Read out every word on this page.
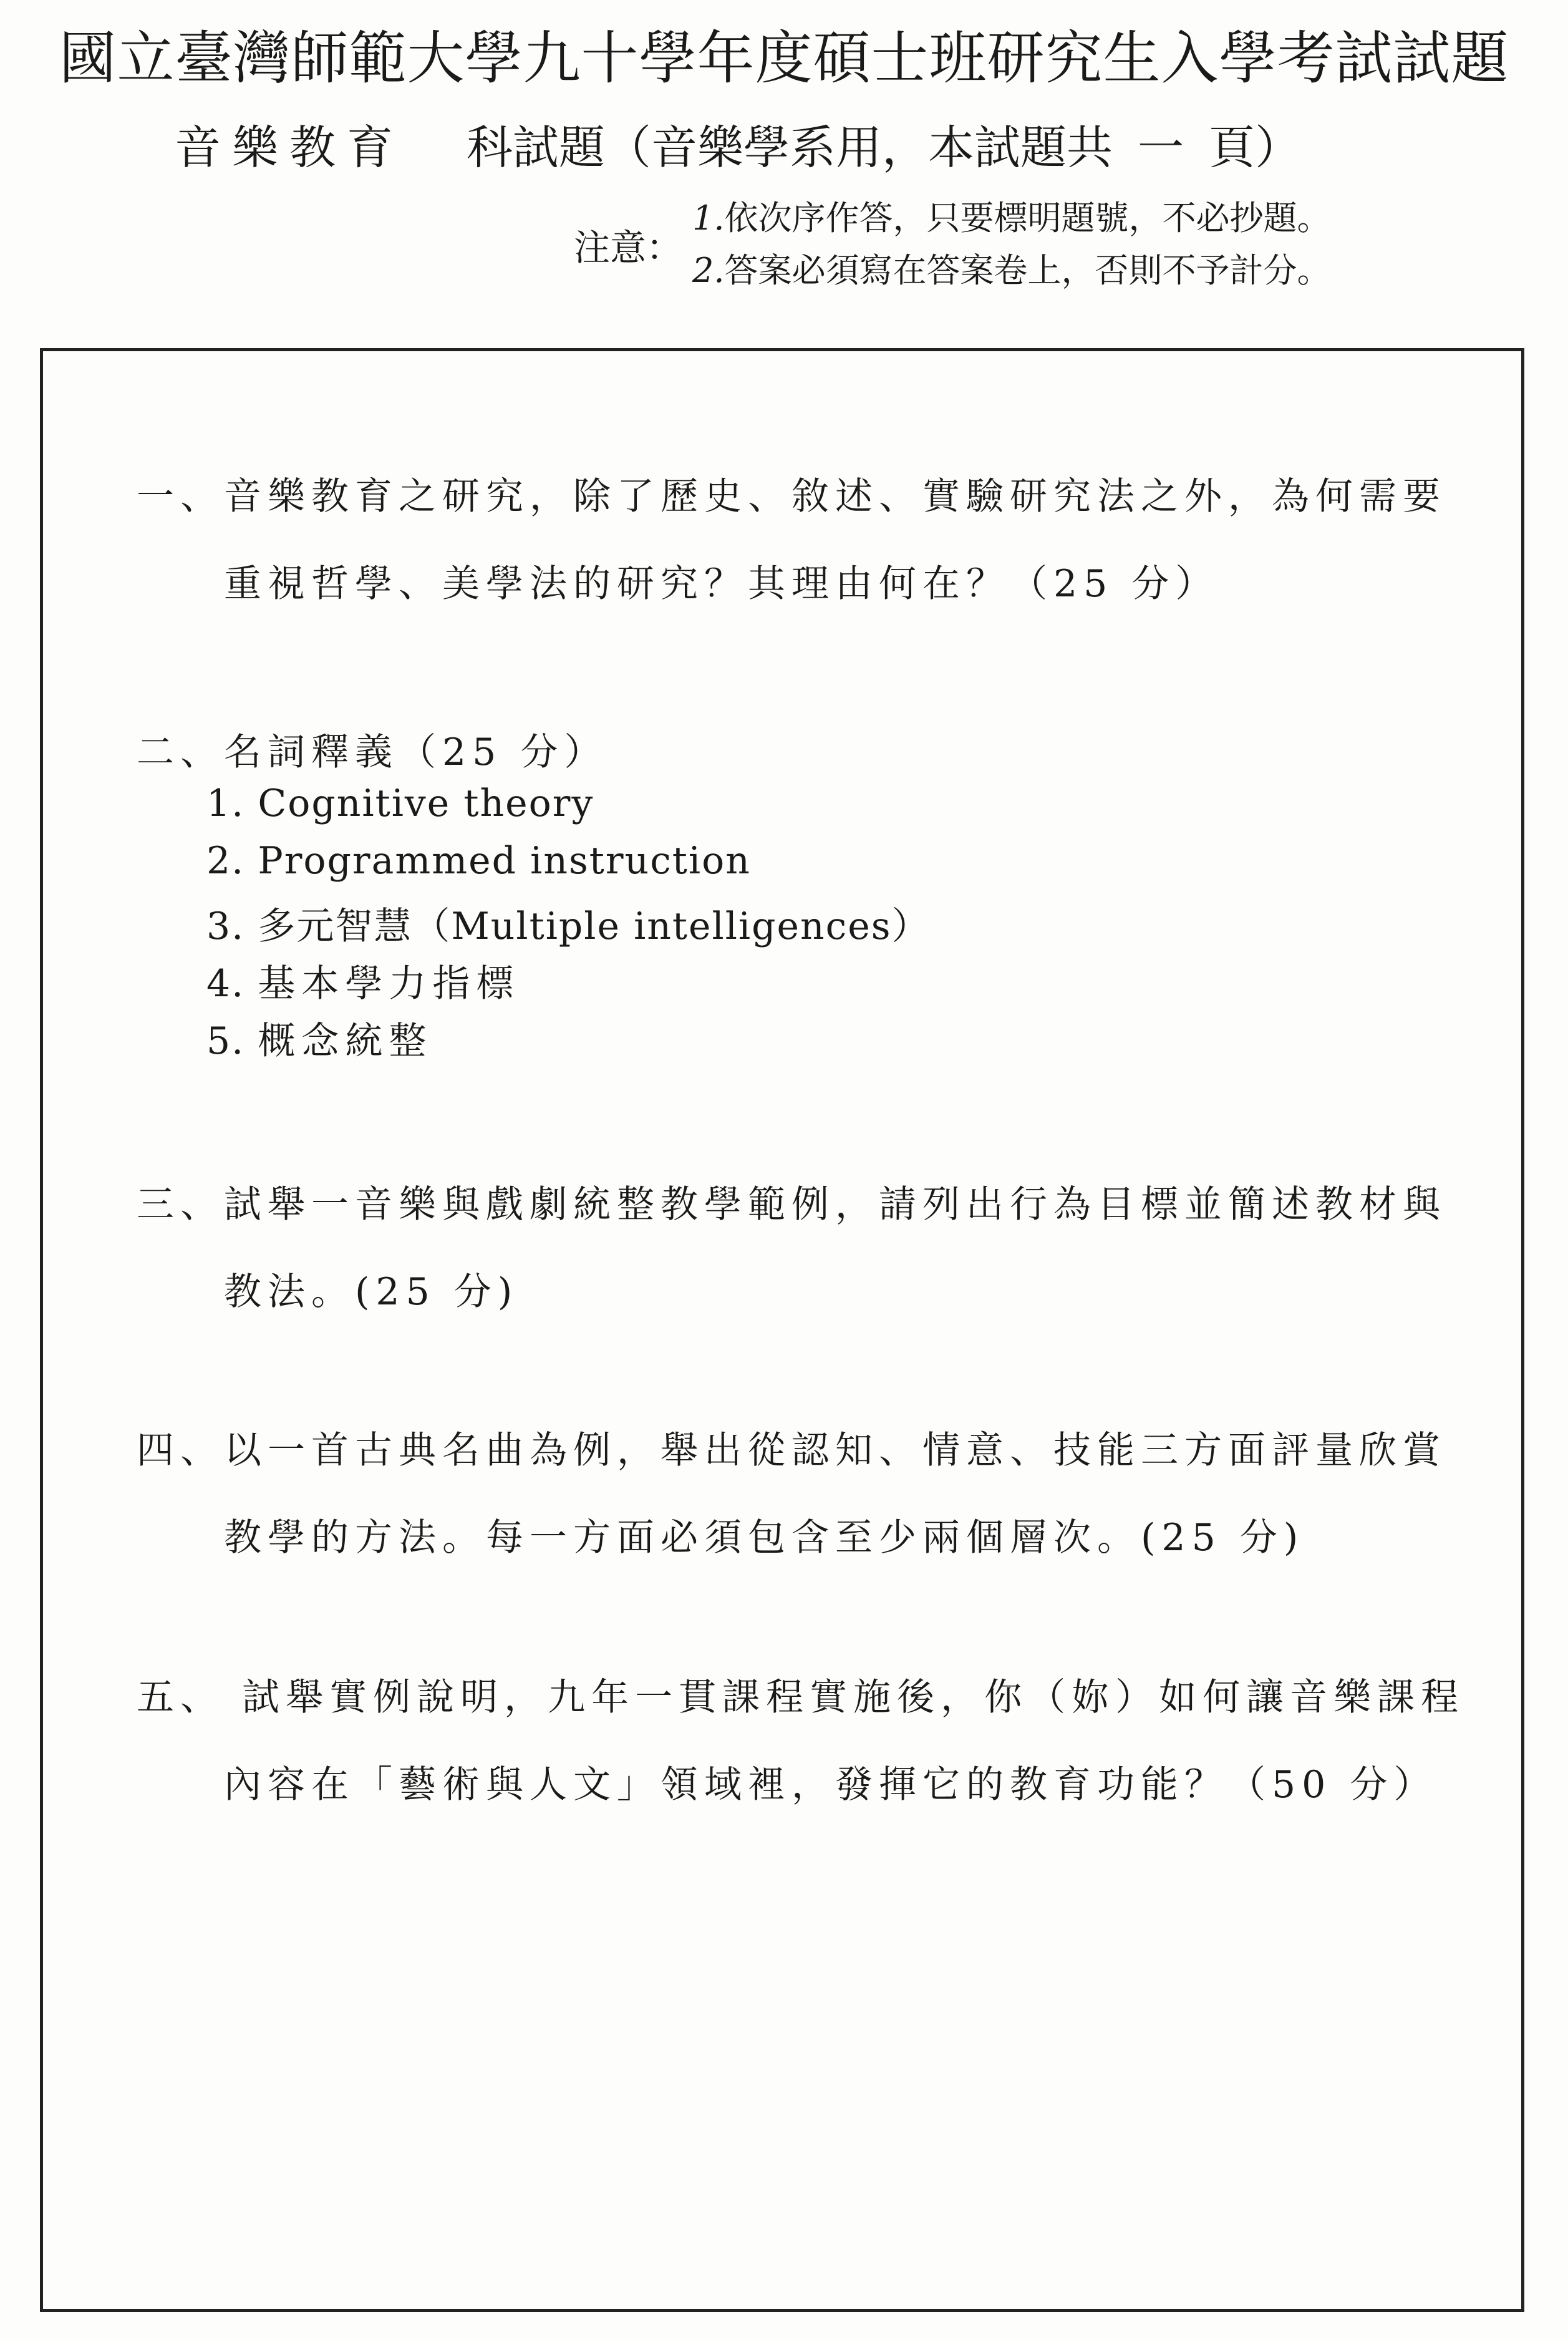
國立臺灣師範大學九十學年度碩士班研究生入學考試試題
音樂教育 科試題（音樂學系用，本試題共 一 頁）
注意：
1.依次序作答，只要標明題號，不必抄題。
2.答案必須寫在答案卷上，否則不予計分。
一、音樂教育之研究，除了歷史、敘述、實驗研究法之外，為何需要
重視哲學、美學法的研究？其理由何在？（25 分）
二、名詞釋義（25 分）
1. Cognitive theory
2. Programmed instruction
3. 多元智慧（Multiple intelligences）
4. 基本學力指標
5. 概念統整
三、試舉一音樂與戲劇統整教學範例，請列出行為目標並簡述教材與
教法。(25 分)
四、以一首古典名曲為例，舉出從認知、情意、技能三方面評量欣賞
教學的方法。每一方面必須包含至少兩個層次。(25 分)
五、 試舉實例說明，九年一貫課程實施後，你（妳）如何讓音樂課程
內容在「藝術與人文」領域裡，發揮它的教育功能？（50 分）
